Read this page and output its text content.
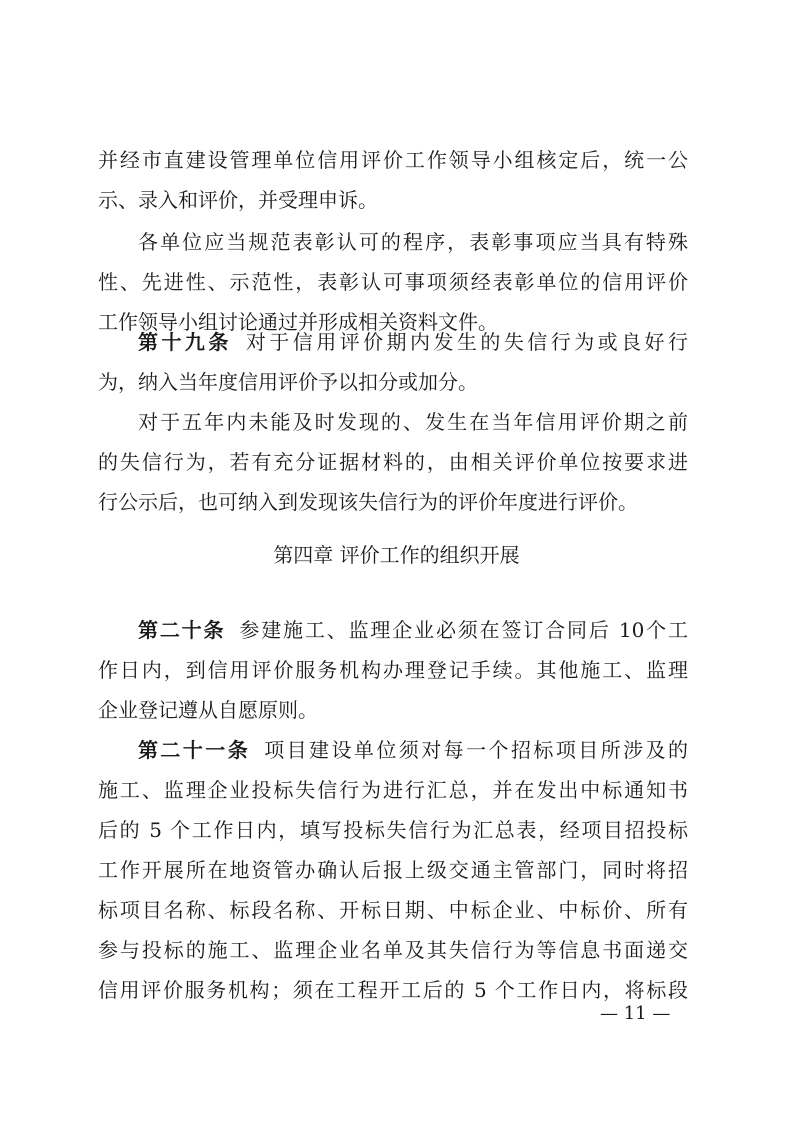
并经市直建设管理单位信用评价工作领导小组核定后，统一公
示、录入和评价，并受理申诉。
各单位应当规范表彰认可的程序，表彰事项应当具有特殊
性、先进性、示范性，表彰认可事项须经表彰单位的信用评价
工作领导小组讨论通过并形成相关资料文件。
第十九条 对于信用评价期内发生的失信行为或良好行
为，纳入当年度信用评价予以扣分或加分。
对于五年内未能及时发现的、发生在当年信用评价期之前
的失信行为，若有充分证据材料的，由相关评价单位按要求进
行公示后，也可纳入到发现该失信行为的评价年度进行评价。
第四章 评价工作的组织开展
第二十条 参建施工、监理企业必须在签订合同后 10个工
作日内，到信用评价服务机构办理登记手续。其他施工、监理
企业登记遵从自愿原则。
第二十一条 项目建设单位须对每一个招标项目所涉及的
施工、监理企业投标失信行为进行汇总，并在发出中标通知书
后的 5 个工作日内，填写投标失信行为汇总表，经项目招投标
工作开展所在地资管办确认后报上级交通主管部门，同时将招
标项目名称、标段名称、开标日期、中标企业、中标价、所有
参与投标的施工、监理企业名单及其失信行为等信息书面递交
信用评价服务机构；须在工程开工后的 5 个工作日内，将标段
— 11 —
